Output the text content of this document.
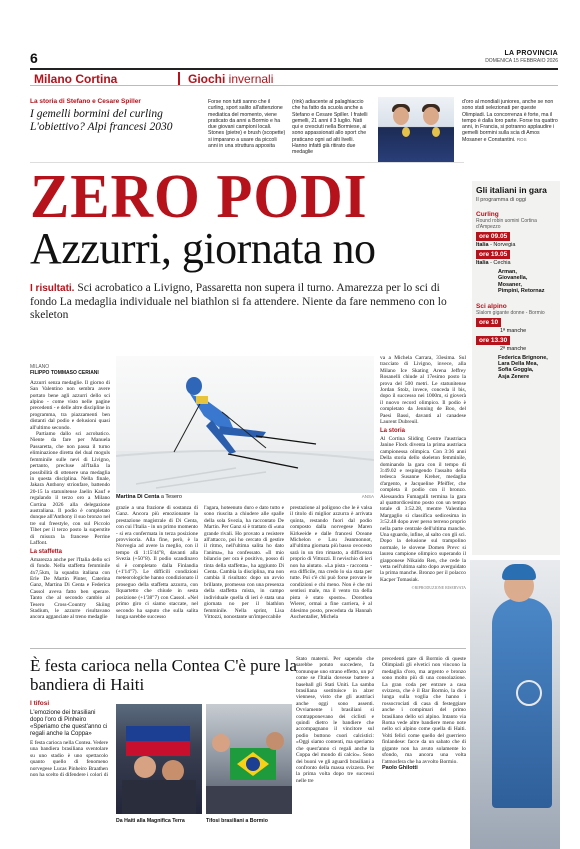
6	LA PROVINCIA
DOMENICA 15 FEBBRAIO 2026
Milano Cortina	Giochi invernali
La storia di Stefano e Cesare Spiller
I gemelli bormini del curling L'obiettivo? Alpi francesi 2030
Forse non tutti sanno che il curling, sport salito all'attenzione mediatica del momento, viene praticato da anni a Bormio e ha due giovani campioni locali. Stones (pietre) e brush (scopette) si imparano a usare da piccoli anni in una struttura apposita
(rink) adiacente al palaghiaccio che ha fatto da scuola anche a Stefano e Cesare Spiller. I fratelli gemelli, 21 anni il 3 luglio. Nati qui e cresciuti nella Bormiese, ai sono appassionati allo sport che praticano ogni ad alti livelli. Hanno infatti già ritirato due medaglie
d'oro al mondiali juniores, anche se non sono stati selezionati per queste Olimpiadi. La concorrenza è forte, ma il tempo è dalla loro parte. Forse tra quattro anni, in Francia, si potranno applaudire i gemelli bormini sulla scia di Amos Mosaner e Constantini. ROS
ZERO PODI
Azzurri, giornata no
I risultati. Sci acrobatico a Livigno, Passaretta non supera il turno. Amarezza per lo sci di fondo La medaglia individuale nel biathlon si fa attendere. Niente da fare nemmeno con lo skeleton
Gli italiani in gara
Il programma di oggi
Curling
Round robin uomini Cortina d'Ampezzo
ore 09.05
Italia - Norvegia
ore 19.05
Italia - Cechia
Arman,
Giovanella,
Mosaner,
Pimpini, Retornaz
Sci alpino
Slalom gigante donne - Bormio
ore 10
1ª manche
ore 13.30
2ª manche
Federica Brignone,
Lara Della Mea,
Sofia Goggia,
Asja Zenere
MILANO
FILIPPO TOMMASO CERIANI

Azzurri senza medaglie. Il giorno di San Valentino non sembra avere portato bene agli azzurri dello sci alpino - come visto nelle pagine precedenti - e delle altre discipline in programma, tra piazzamenti ben distanti dal podio e delusioni quasi all'ultimo secondo.

Partiamo dallo sci acrobatico. Niente da fare per Manuela Passaretta, che non passa il turno eliminazione diretta del dual moguls femminile sulle nevi di Livigno, pertanto, precluse all'Italia la possibilità di ottenere una medaglia in questa disciplina. Nella finale, Jakara Anthony strionfare, battendo 20-15 la statunitense Jaelin Kauf e regalando il terzo oro a Milano Cortina 2026 alla delegazione australiana. Il podio è completato dunque all'Anthony il suo bronzo nel tre sul freestyle, con sul Piccolo Tibet per il terzo posto la superstite di misura la francese Perrine Laffont.

La staffetta

Amarezza anche per l'Italia dello sci di fondo. Nella staffetta femminile 4x7,5km, la squadra italiana con Erle De Martin Pinter, Caterina Ganz, Martina Di Centa e Federica Cassol aveva fatto ben sperare. Tanto che al secondo cambio al Tesero Cross-Country Skiing Stadium, le azzurre risultavano ancora agganciate al treno medaglie

Martina Di Centa a Tesero	ANSA
grazie a una frazione di sostanza di Ganz. Ancora più emozionante la prestazione magistrale di Di Centa, con cui l'Italia - in un primo momento - si era confermata in terza posizione provvisoria. Alla fine, però, è la Norvegia ad avere la meglio, con il tempo di 1:15'44"8, davanti alla Svezia (+50"8). Il podio scandinavo si è completato dalla Finlandia (+1'14"7). Le difficili condizioni meteorologiche hanno condizionato il proseguo della staffetta azzurra, con Ilquartetto che chiude in sesta posizione (+1'38"7) con Cassol. «Nel primo giro ci siamo staccate, nel secondo ha saputo che sulla salita lunga sarebbe successo
l'agara, hoteenuto duro e dato tutto e sono riuscita a chiudere alle spalle della sola Svezia, ha raccontato De Martin. Per Ganz si è trattato di «una grande rivali. Ho provato a resistere all'attacco, poi ho cercato di gestire il ritmo, nell'ultima salita ho dato l'anima», ha confessato. «Il mio bilancio per ora è positivo, posso di tinta della staffetta», ha aggiunto Di Centa. Cambia la disciplina, ma non cambia il risultato: dopo un avvio brillante, promesso con una presenza della staffetta mista, in campo individuale quella di ieri è stata una giornata no per il biathlon femminile. Nella sprint, Lisa Vittozzi, nonostante un'impeccabile
prestazione al poligono che le è valsa il titolo di miglior azzurra è arrivata quinta, restando fuori dal podio composto dalla norvegese Maren Kirkeeide e dalle francesi Oceane Michelon e Lou Jeanmonnot, all'ultima giornata più basso ovocesto sarà in un tiro rimasto, a difficenza proprio di Vittozzi. Il nevischio di ieri non ha aiutato. «La pista - racconta - era difficile, ma credo lo sia stata per tutte. Poi c'è chi può forse provare le condizioni e chi meno. Non è che mi sentissi male, ma il vento tra della pista è stato sposto». Dorothea Wierer, ormai a fine carriera, è al 44esimo posto, preceduta da Hannah Auchentaller, Michela

va a Michela Carrara, 33esima. Sul tracciato di Livigno, invece, alla Milano Ice Skating Arena Jeffrey Rosanelli chiude al 17esimo posto la prova del 500 metri. Le statunitense Jordan Stolz, invece, conceda il bis, dopo il successo nei 1000m, si gioverà il nuovo record olimpico. Il podio è completato da Jenning de Boo, del Paesi Bassi, davanti al canadese Laurent Dubreuil.

La storia

Al Cortina Sliding Centre l'austriaca Janine Flock diventa la prima austriaca campionessa olimpica. Con 3:36 anni Della storia dello skeleton femminile, dominando la gara con il tempo di 3:49.02 e respingendo l'assalto della tedesca Susanne Kreher, medaglia d'argento, e Jacqueline Pfeiffer, che completa il podio con il bronzo. Alessandra Fumagalli termina la gara al quattordicesimo posto con un tempo totale di 3:52.28, mentre Valentina Margaglio si classifica sedicesima in 3:52.48 dopo aver perso terreno proprio nella parte centrale dell'ultima manche. Una sguardo, infine, al salto con gli sci. Dopo la delusione sul trampolino normale, le slovene Domen Prevc si laurea campione olimpico superando il giapponese Nikaido Ren, che cede la vetta nell'ultima salto dopo averguidato la prima manche. Bronzo per il polacco Kacper Tomasiak.

©RIPRODUZIONE RISERVATA

È festa carioca nella Contea C'è pure la bandiera di Haiti
I tifosi
L'emozione dei brasiliani dopo l'oro di Pinheiro «Speriamo che quest'anno ci regali anche la Coppa»
È festa carioca nella Contea. Vedere una bandiera brasiliana sventolare su uno stadio è uno spettacolo quanto quello di fenomeno norvegese Lucas Pinheiro Braathen non ha scelto di difendere i colori di
Da Haiti alla Magnifica Terra	Tifosi brasiliani a Bormio
Stato materni. Per sapendo che sarebbe potuto succedere, fa comunque uno strano effetto, un po' come se l'Italia dovesse battere a baseball gli Stati Uniti. La samba brasiliana sostituisce in alzer viennese, visto che gli austriaci anche oggi sono assenti. Ovviamente i brasiliani si contrapponevano dei ciclisti e quindi dietro le bandiere che accompagnano il vincitore sul podio buttono cuori calcistici: «Oggi siamo contenti, ma speriamo che quest'anno ci regali anche la Coppa del mondo di calcio». Sono dei buoni ve gli aguardi brasiliani a confronto della massa svizzera. Per la prima volta dopo tre successi nelle tre

precedenti gare di Bormio di queste Olimpiadi gli elvetici non vincono la medaglia d'oro, ma argento e bronzo sono molto più di una consolazione. La gran coda per entrare a casa svizzera, che è il Bar Bormio, la dice lunga sulla voglia che hanno i rossocrociati di casa di festeggiare anche i compimari del primo brasiliano dello sci alpino. Intanto via Roma vede altre bandiere meno note nello sci alpino come quella di Haiti. Volti felici come quello del guerriero finlandese: facce da un sabato che di gigante non ha avuto solamente lo sfondo, ma ancora una volta l'atmosfera che ha avvolto Bormio.

Paolo Ghilotti
